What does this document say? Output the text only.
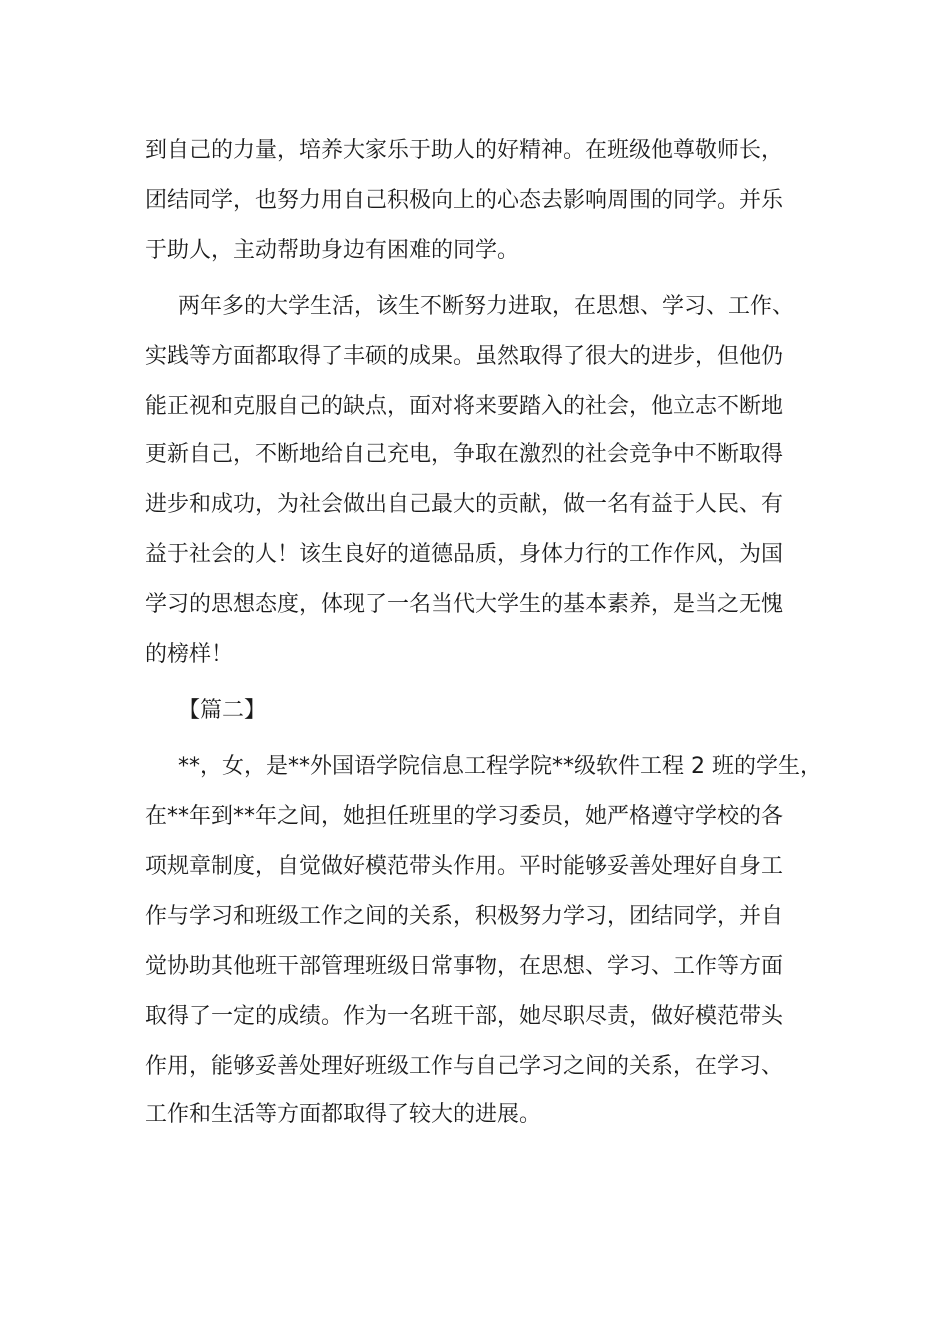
到自己的力量，培养大家乐于助人的好精神。在班级他尊敬师长，
团结同学，也努力用自己积极向上的心态去影响周围的同学。并乐
于助人，主动帮助身边有困难的同学。
两年多的大学生活，该生不断努力进取，在思想、学习、工作、
实践等方面都取得了丰硕的成果。虽然取得了很大的进步，但他仍
能正视和克服自己的缺点，面对将来要踏入的社会，他立志不断地
更新自己，不断地给自己充电，争取在激烈的社会竞争中不断取得
进步和成功，为社会做出自己最大的贡献，做一名有益于人民、有
益于社会的人！该生良好的道德品质，身体力行的工作作风，为国
学习的思想态度，体现了一名当代大学生的基本素养，是当之无愧
的榜样！
【篇二】
**，女，是**外国语学院信息工程学院**级软件工程 2 班的学生，
在**年到**年之间，她担任班里的学习委员，她严格遵守学校的各
项规章制度，自觉做好模范带头作用。平时能够妥善处理好自身工
作与学习和班级工作之间的关系，积极努力学习，团结同学，并自
觉协助其他班干部管理班级日常事物，在思想、学习、工作等方面
取得了一定的成绩。作为一名班干部，她尽职尽责，做好模范带头
作用，能够妥善处理好班级工作与自己学习之间的关系，在学习、
工作和生活等方面都取得了较大的进展。
